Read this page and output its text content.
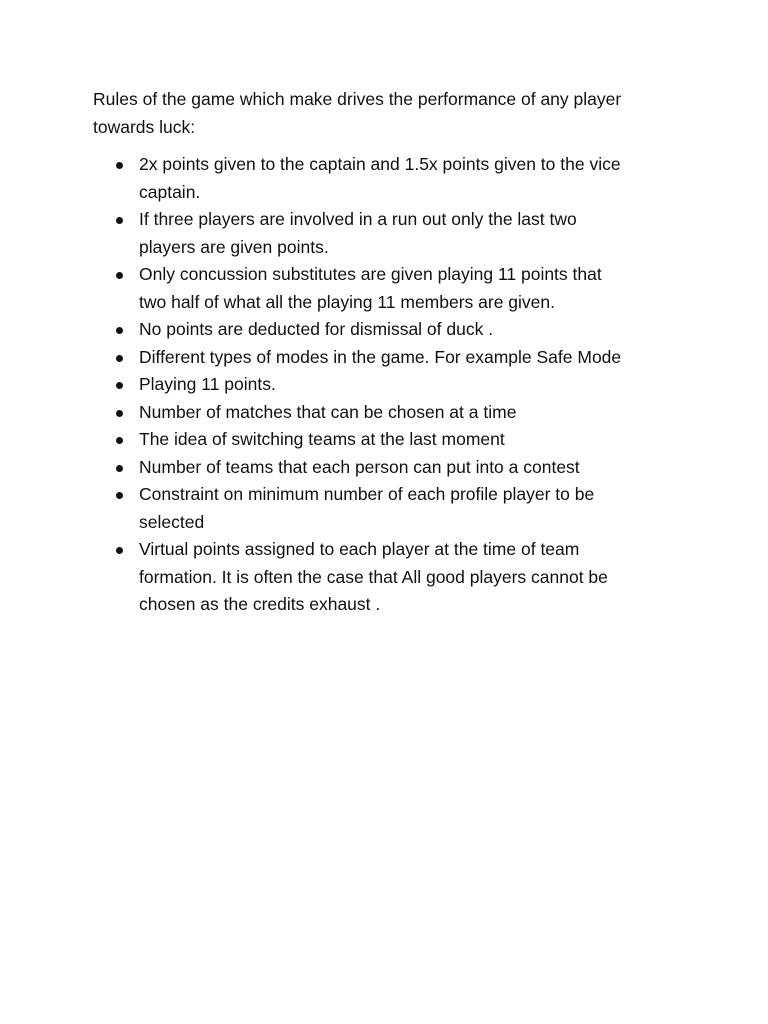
Rules of the game which make drives the performance of any player
towards luck:

2x points given to the captain and 1.5x points given to the vice
captain.
If three players are involved in a run out only the last two
players are given points.
Only concussion substitutes are given playing 11 points that
two half of what all the playing 11 members are given.
No points are deducted for dismissal of duck .
Different types of modes in the game. For example Safe Mode
Playing 11 points.
Number of matches that can be chosen at a time
The idea of switching teams at the last moment
Number of teams that each person can put into a contest
Constraint on minimum number of each profile player to be
selected
Virtual points assigned to each player at the time of team
formation. It is often the case that All good players cannot be
chosen as the credits exhaust .
